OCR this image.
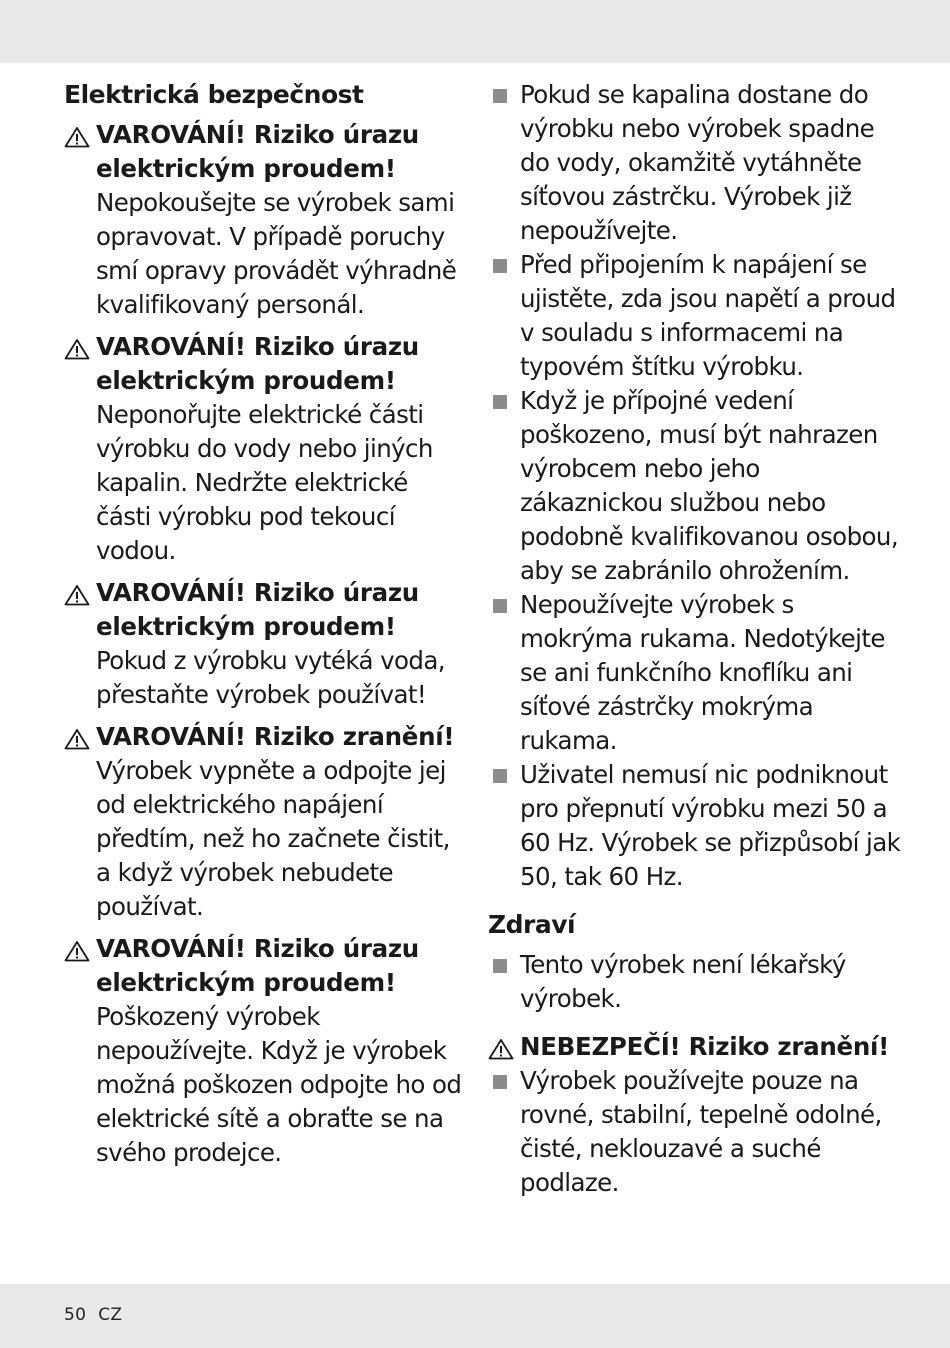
Elektrická bezpečnost
VAROVÁNÍ! Riziko úrazu elektrickým proudem! Nepokoušejte se výrobek sami opravovat. V případě poruchy smí opravy provádět výhradně kvalifikovaný personál.
VAROVÁNÍ! Riziko úrazu elektrickým proudem! Neponořujte elektrické části výrobku do vody nebo jiných kapalin. Nedržte elektrické části výrobku pod tekoucí vodou.
VAROVÁNÍ! Riziko úrazu elektrickým proudem! Pokud z výrobku vytéká voda, přestaňte výrobek používat!
VAROVÁNÍ! Riziko zranění! Výrobek vypněte a odpojte jej od elektrického napájení předtím, než ho začnete čistit, a když výrobek nebudete používat.
VAROVÁNÍ! Riziko úrazu elektrickým proudem! Poškozený výrobek nepoužívejte. Když je výrobek možná poškozen odpojte ho od elektrické sítě a obraťte se na svého prodejce.
Pokud se kapalina dostane do výrobku nebo výrobek spadne do vody, okamžitě vytáhněte síťovou zástrčku. Výrobek již nepoužívejte.
Před připojením k napájení se ujistěte, zda jsou napětí a proud v souladu s informacemi na typovém štítku výrobku.
Když je přípojné vedení poškozeno, musí být nahrazen výrobcem nebo jeho zákaznickou službou nebo podobně kvalifikovanou osobou, aby se zabránilo ohrožením.
Nepoužívejte výrobek s mokrýma rukama. Nedotýkejte se ani funkčního knoflíku ani síťové zástrčky mokrýma rukama.
Uživatel nemusí nic podniknout pro přepnutí výrobku mezi 50 a 60 Hz. Výrobek se přizpůsobí jak 50, tak 60 Hz.
Zdraví
Tento výrobek není lékařský výrobek.
NEBEZPEČÍ! Riziko zranění!
Výrobek používejte pouze na rovné, stabilní, tepelně odolné, čisté, neklouzavé a suché podlaze.
50 CZ
